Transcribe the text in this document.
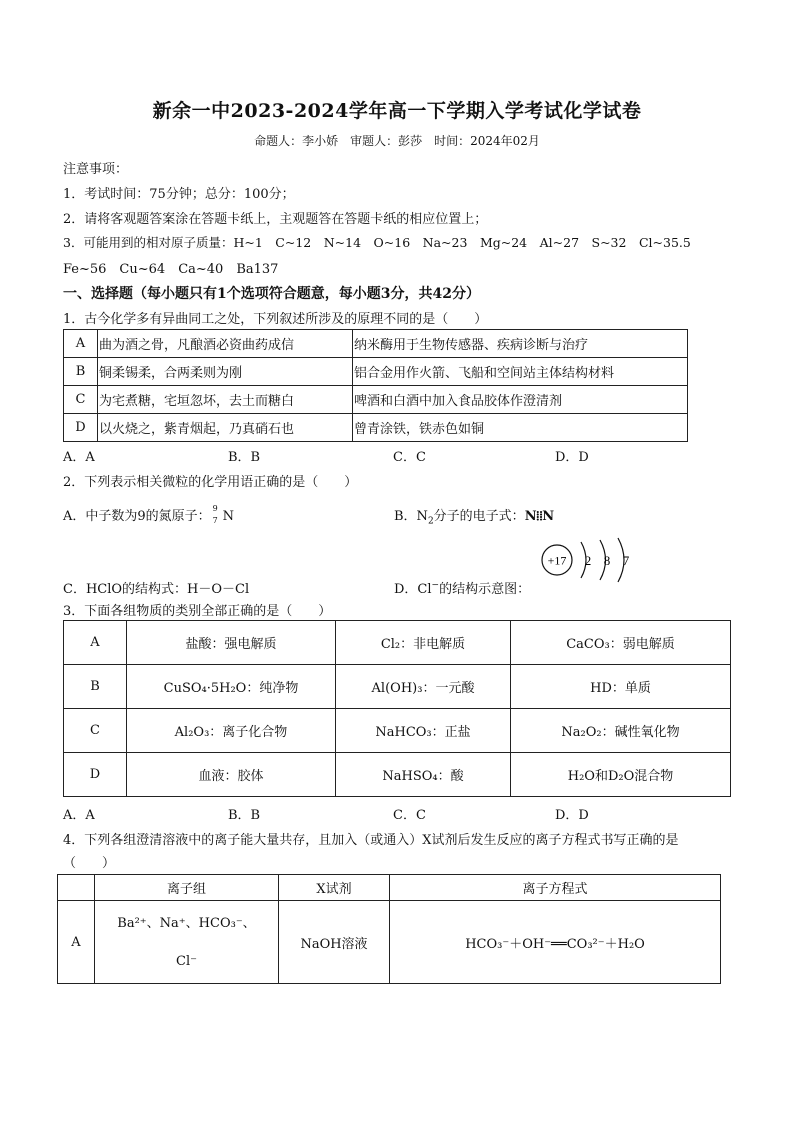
新余一中2023-2024学年高一下学期入学考试化学试卷
命题人：李小娇　审题人：彭莎　时间：2024年02月
注意事项：
1．考试时间：75分钟；总分：100分；
2．请将客观题答案涂在答题卡纸上，主观题答在答题卡纸的相应位置上；
3．可能用到的相对原子质量：H~1　C~12　N~14　O~16　Na~23　Mg~24　Al~27　S~32　Cl~35.5
Fe~56　Cu~64　Ca~40　Ba137
一、选择题（每小题只有1个选项符合题意，每小题3分，共42分）
1．古今化学多有异曲同工之处，下列叙述所涉及的原理不同的是（　　）
A	曲为酒之骨，凡酿酒必资曲药成信	纳米酶用于生物传感器、疾病诊断与治疗
B	铜柔锡柔，合两柔则为刚	铝合金用作火箭、飞船和空间站主体结构材料
C	为宅煮糖，宅垣忽坏，去土而糖白	啤酒和白酒中加入食品胶体作澄清剂
D	以火烧之，紫青烟起，乃真硝石也	曾青涂铁，铁赤色如铜
A．A	B．B	C．C	D．D
2．下列表示相关微粒的化学用语正确的是（　　）
A．中子数为9的氮原子：
9
7 N	B．$N_2$分子的电子式：N⁞⁞N
C．HClO的结构式：H－O－Cl	D．Cl−的结构示意图：
+17 2 8 7
3．下面各组物质的类别全部正确的是（　　）
A	盐酸：强电解质	Cl₂：非电解质	CaCO₃：弱电解质
B	CuSO₄·5H₂O：纯净物	Al(OH)₃：一元酸	HD：单质
C	Al₂O₃：离子化合物	NaHCO₃：正盐	Na₂O₂：碱性氧化物
D	血液：胶体	NaHSO₄：酸	H₂O和D₂O混合物
A．A	B．B	C．C	D．D
4．下列各组澄清溶液中的离子能大量共存，且加入（或通入）X试剂后发生反应的离子方程式书写正确的是
（　　）
	离子组	X试剂	离子方程式
A	Ba²⁺、Na⁺、HCO₃⁻、
Cl⁻	NaOH溶液	HCO₃⁻＋OH⁻══CO₃²⁻＋H₂O
